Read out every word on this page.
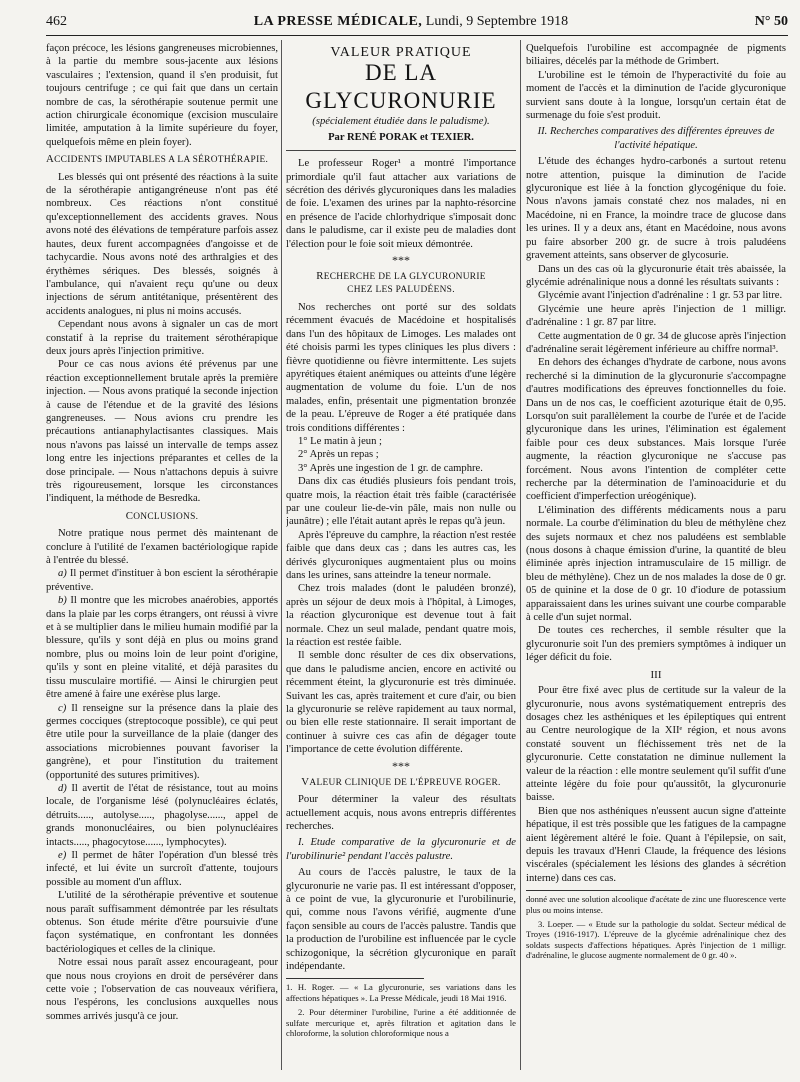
462	LA PRESSE MÉDICALE, Lundi, 9 Septembre 1918	N° 50

façon précoce, les lésions gangreneuses microbiennes, à la partie du membre sous-jacente aux lésions vasculaires ; l'extension, quand il s'en produisit, fut toujours centrifuge ; ce qui fait que dans un certain nombre de cas, la sérothérapie soutenue permit une action chirurgicale économique (excision musculaire limitée, amputation à la limite supérieure du foyer, quelquefois même en plein foyer).

ACCIDENTS IMPUTABLES A LA SÉROTHÉRAPIE.

Les blessés qui ont présenté des réactions à la suite de la sérothérapie antigangréneuse n'ont pas été nombreux. Ces réactions n'ont constitué qu'exceptionnellement des accidents graves. Nous avons noté des élévations de température parfois assez hautes, deux furent accompagnées d'angoisse et de tachycardie. Nous avons noté des arthralgies et des érythèmes sériques. Des blessés, soignés à l'ambulance, qui n'avaient reçu qu'une ou deux injections de sérum antitétanique, présentèrent des accidents analogues, ni plus ni moins accusés.

Cependant nous avons à signaler un cas de mort constatif à la reprise du traitement sérothérapique deux jours après l'injection primitive.

Pour ce cas nous avions été prévenus par une réaction exceptionnellement brutale après la première injection. — Nous avons pratiqué la seconde injection à cause de l'étendue et de la gravité des lésions gangreneuses. — Nous avions cru prendre les précautions antianaphylactisantes classiques. Mais nous n'avons pas laissé un intervalle de temps assez long entre les injections préparantes et celles de la dose principale. — Nous n'attachons depuis à suivre très rigoureusement, lorsque les circonstances l'indiquent, la méthode de Besredka.

CONCLUSIONS.

Notre pratique nous permet dès maintenant de conclure à l'utilité de l'examen bactériologique rapide à l'entrée du blessé.

a) Il permet d'instituer à bon escient la sérothérapie préventive.

b) Il montre que les microbes anaérobies, apportés dans la plaie par les corps étrangers, ont réussi à vivre et à se multiplier dans le milieu humain modifié par la blessure, qu'ils y sont déjà en plus ou moins grand nombre, plus ou moins loin de leur point d'origine, qu'ils y sont en pleine vitalité, et déjà parasites du tissu musculaire mortifié. — Ainsi le chirurgien peut être amené à faire une exérèse plus large.

c) Il renseigne sur la présence dans la plaie des germes cocciques (streptocoque possible), ce qui peut être utile pour la surveillance de la plaie (danger des associations microbiennes pouvant favoriser la gangrène), et pour l'institution du traitement (opportunité des sutures primitives).

d) Il avertit de l'état de résistance, tout au moins locale, de l'organisme lésé (polynucléaires éclatés, détruits....., autolyse....., phagolyse......, appel de grands mononucléaires, ou bien polynucléaires intacts....., phagocytose......, lymphocytes).

e) Il permet de hâter l'opération d'un blessé très infecté, et lui évite un surcroît d'attente, toujours possible au moment d'un afflux.

L'utilité de la sérothérapie préventive et soutenue nous paraît suffisamment démontrée par les résultats obtenus. Son étude mérite d'être poursuivie d'une façon systématique, en confrontant les données bactériologiques et celles de la clinique.

Notre essai nous paraît assez encourageant, pour que nous nous croyions en droit de persévérer dans cette voie ; l'observation de cas nouveaux vérifiera, nous l'espérons, les conclusions auxquelles nous sommes arrivés jusqu'à ce jour.

VALEUR PRATIQUE
DE LA GLYCURONURIE
(spécialement étudiée dans le paludisme).
Par RENÉ PORAK et TEXIER.

Le professeur Roger¹ a montré l'importance primordiale qu'il faut attacher aux variations de sécrétion des dérivés glycuroniques dans les maladies de foie. L'examen des urines par la naphto-résorcine en présence de l'acide chlorhydrique s'imposait donc dans le paludisme, car il existe peu de maladies dont l'élection pour le foie soit mieux démontrée.

***
RECHERCHE DE LA GLYCURONURIE
CHEZ LES PALUDÉENS.

Nos recherches ont porté sur des soldats récemment évacués de Macédoine et hospitalisés dans l'un des hôpitaux de Limoges. Les malades ont été choisis parmi les types cliniques les plus divers : fièvre quotidienne ou fièvre intermittente. Les sujets apyrétiques étaient anémiques ou atteints d'une légère augmentation de volume du foie. L'un de nos malades, enfin, présentait une pigmentation bronzée de la peau. L'épreuve de Roger a été pratiquée dans trois conditions différentes :

1° Le matin à jeun ;

2° Après un repas ;

3° Après une ingestion de 1 gr. de camphre.

Dans dix cas étudiés plusieurs fois pendant trois, quatre mois, la réaction était très faible (caractérisée par une couleur lie-de-vin pâle, mais non nulle ou jaunâtre) ; elle l'était autant après le repas qu'à jeun.

Après l'épreuve du camphre, la réaction n'est restée faible que dans deux cas ; dans les autres cas, les dérivés glycuroniques augmentaient plus ou moins dans les urines, sans atteindre la teneur normale.

Chez trois malades (dont le paludéen bronzé), après un séjour de deux mois à l'hôpital, à Limoges, la réaction glycuronique est devenue tout à fait normale. Chez un seul malade, pendant quatre mois, la réaction est restée faible.

Il semble donc résulter de ces dix observations, que dans le paludisme ancien, encore en activité ou récemment éteint, la glycuronurie est très diminuée. Suivant les cas, après traitement et cure d'air, ou bien la glycuronurie se relève rapidement au taux normal, ou bien elle reste stationnaire. Il serait important de continuer à suivre ces cas afin de dégager toute l'importance de cette évolution différente.

***
VALEUR CLINIQUE DE L'ÉPREUVE ROGER.

Pour déterminer la valeur des résultats actuellement acquis, nous avons entrepris différentes recherches.

I. Etude comparative de la glycuronurie et de l'urobilinurie² pendant l'accès palustre.

Au cours de l'accès palustre, le taux de la glycuronurie ne varie pas. Il est intéressant d'opposer, à ce point de vue, la glycuronurie et l'urobilinurie, qui, comme nous l'avons vérifié, augmente d'une façon sensible au cours de l'accès palustre. Tandis que la production de l'urobiline est influencée par le cycle schizogonique, la sécrétion glycuronique en paraît indépendante.

1. H. Roger. — « La glycuronurie, ses variations dans les affections hépatiques ». La Presse Médicale, jeudi 18 Mai 1916.

2. Pour déterminer l'urobiline, l'urine a été additionnée de sulfate mercurique et, après filtration et agitation dans le chloroforme, la solution chloroformique nous a

Quelquefois l'urobiline est accompagnée de pigments biliaires, décelés par la méthode de Grimbert.

L'urobiline est le témoin de l'hyperactivité du foie au moment de l'accès et la diminution de l'acide glycuronique survient sans doute à la longue, lorsqu'un certain état de surmenage du foie s'est produit.

II. Recherches comparatives des différentes épreuves de l'activité hépatique.

L'étude des échanges hydro-carbonés a surtout retenu notre attention, puisque la diminution de l'acide glycuronique est liée à la fonction glycogénique du foie. Nous n'avons jamais constaté chez nos malades, ni en Macédoine, ni en France, la moindre trace de glucose dans les urines. Il y a deux ans, étant en Macédoine, nous avons pu faire absorber 200 gr. de sucre à trois paludéens gravement atteints, sans observer de glycosurie.

Dans un des cas où la glycuronurie était très abaissée, la glycémie adrénalinique nous a donné les résultats suivants :

Glycémie avant l'injection d'adrénaline : 1 gr. 53 par litre.

Glycémie une heure après l'injection de 1 milligr. d'adrénaline : 1 gr. 87 par litre.

Cette augmentation de 0 gr. 34 de glucose après l'injection d'adrénaline serait légèrement inférieure au chiffre normal³.

En dehors des échanges d'hydrate de carbone, nous avons recherché si la diminution de la glycuronurie s'accompagne d'autres modifications des épreuves fonctionnelles du foie. Dans un de nos cas, le coefficient azoturique était de 0,95. Lorsqu'on suit parallèlement la courbe de l'urée et de l'acide glycuronique dans les urines, l'élimination est également faible pour ces deux substances. Mais lorsque l'urée augmente, la réaction glycuronique ne s'accuse pas forcément. Nous avons l'intention de compléter cette recherche par la détermination de l'aminoacidurie et du coefficient d'imperfection uréogénique).

L'élimination des différents médicaments nous a paru normale. La courbe d'élimination du bleu de méthylène chez des sujets normaux et chez nos paludéens est semblable (nous dosons à chaque émission d'urine, la quantité de bleu éliminée après injection intramusculaire de 15 milligr. de bleu de méthylène). Chez un de nos malades la dose de 0 gr. 05 de quinine et la dose de 0 gr. 10 d'iodure de potassium apparaissaient dans les urines suivant une courbe comparable à celle d'un sujet normal.

De toutes ces recherches, il semble résulter que la glycuronurie soit l'un des premiers symptômes à indiquer un léger déficit du foie.

III

Pour être fixé avec plus de certitude sur la valeur de la glycuronurie, nous avons systématiquement entrepris des dosages chez les asthéniques et les épileptiques qui entrent au Centre neurologique de la XIIᵉ région, et nous avons constaté souvent un fléchissement très net de la glycuronurie. Cette constatation ne diminue nullement la valeur de la réaction : elle montre seulement qu'il suffit d'une atteinte légère du foie pour qu'aussitôt, la glycuronurie baisse.

Bien que nos asthéniques n'eussent aucun signe d'atteinte hépatique, il est très possible que les fatigues de la campagne aient légèrement altéré le foie. Quant à l'épilepsie, on sait, depuis les travaux d'Henri Claude, la fréquence des lésions viscérales (spécialement les lésions des glandes à sécrétion interne) dans ces cas.

donné avec une solution alcoolique d'acétate de zinc une fluorescence verte plus ou moins intense.

3. Loeper. — « Etude sur la pathologie du soldat. Secteur médical de Troyes (1916-1917). L'épreuve de la glycémie adrénalinique chez des soldats suspects d'affections hépatiques. Après l'injection de 1 milligr. d'adrénaline, le glucose augmente normalement de 0 gr. 40 ».
